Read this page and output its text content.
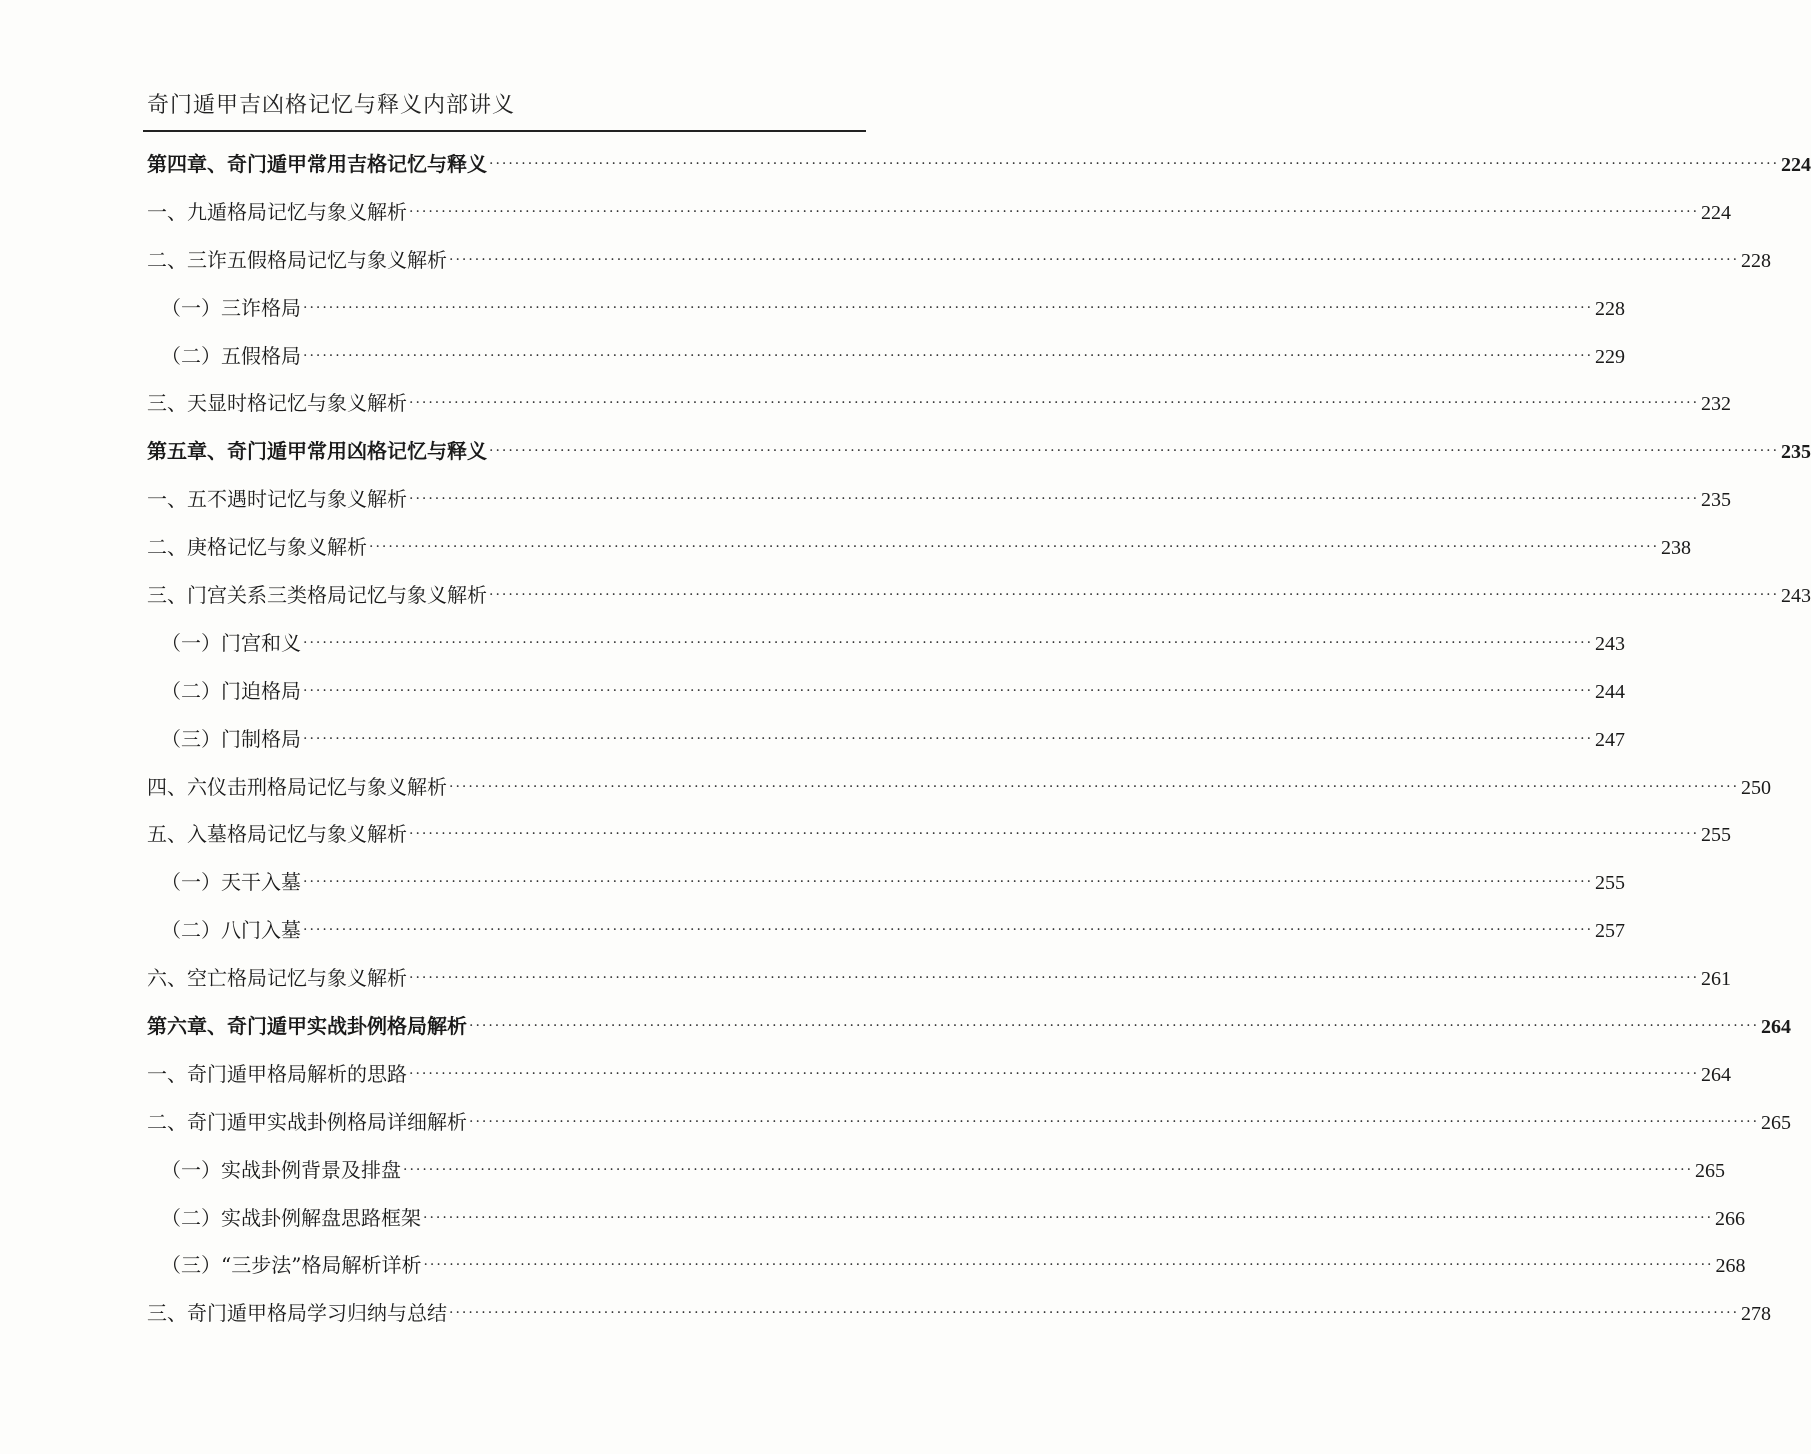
奇门遁甲吉凶格记忆与释义内部讲义
第四章、奇门遁甲常用吉格记忆与释义 ········································································································································································································ 224
一、九遁格局记忆与象义解析 ········································································································································································································ 224
二、三诈五假格局记忆与象义解析 ········································································································································································································ 228
（一）三诈格局 ········································································································································································································ 228
（二）五假格局 ········································································································································································································ 229
三、天显时格记忆与象义解析 ········································································································································································································ 232
第五章、奇门遁甲常用凶格记忆与释义 ········································································································································································································ 235
一、五不遇时记忆与象义解析 ········································································································································································································ 235
二、庚格记忆与象义解析 ········································································································································································································ 238
三、门宫关系三类格局记忆与象义解析 ········································································································································································································ 243
（一）门宫和义 ········································································································································································································ 243
（二）门迫格局 ········································································································································································································ 244
（三）门制格局 ········································································································································································································ 247
四、六仪击刑格局记忆与象义解析 ········································································································································································································ 250
五、入墓格局记忆与象义解析 ········································································································································································································ 255
（一）天干入墓 ········································································································································································································ 255
（二）八门入墓 ········································································································································································································ 257
六、空亡格局记忆与象义解析 ········································································································································································································ 261
第六章、奇门遁甲实战卦例格局解析 ········································································································································································································ 264
一、奇门遁甲格局解析的思路 ········································································································································································································ 264
二、奇门遁甲实战卦例格局详细解析 ········································································································································································································ 265
（一）实战卦例背景及排盘 ········································································································································································································ 265
（二）实战卦例解盘思路框架 ········································································································································································································ 266
（三）“三步法”格局解析详析 ········································································································································································································ 268
三、奇门遁甲格局学习归纳与总结 ········································································································································································································ 278
